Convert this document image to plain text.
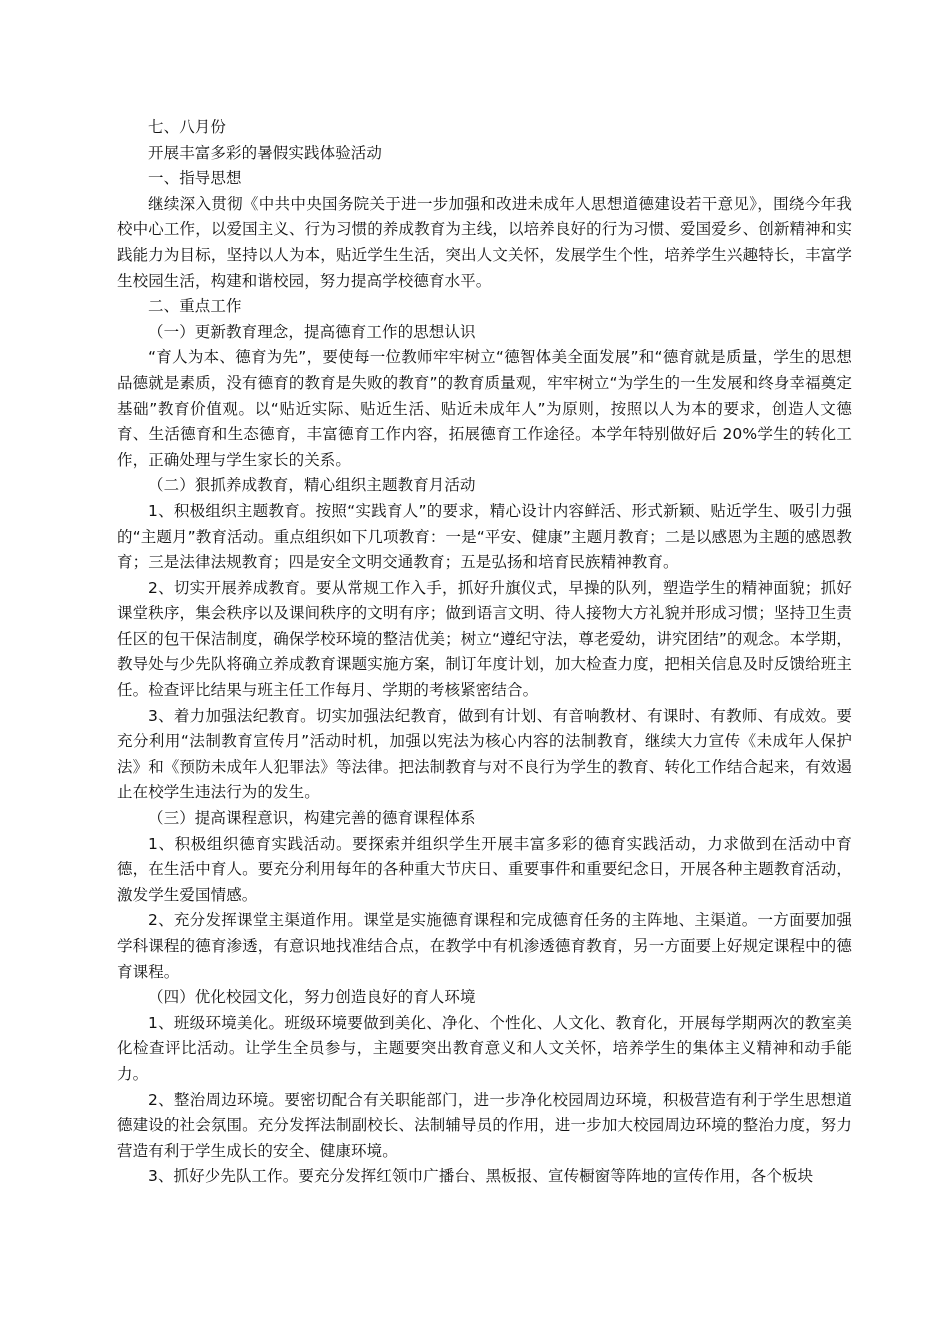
七、八月份

开展丰富多彩的暑假实践体验活动

一、指导思想

继续深入贯彻《中共中央国务院关于进一步加强和改进未成年人思想道德建设若干意见》，围绕今年我校中心工作，以爱国主义、行为习惯的养成教育为主线，以培养良好的行为习惯、爱国爱乡、创新精神和实践能力为目标，坚持以人为本，贴近学生生活，突出人文关怀，发展学生个性，培养学生兴趣特长，丰富学生校园生活，构建和谐校园，努力提高学校德育水平。

二、重点工作

（一）更新教育理念，提高德育工作的思想认识

“育人为本、德育为先”，要使每一位教师牢牢树立“德智体美全面发展”和“德育就是质量，学生的思想品德就是素质，没有德育的教育是失败的教育”的教育质量观，牢牢树立“为学生的一生发展和终身幸福奠定基础”教育价值观。以“贴近实际、贴近生活、贴近未成年人”为原则，按照以人为本的要求，创造人文德育、生活德育和生态德育，丰富德育工作内容，拓展德育工作途径。本学年特别做好后 20%学生的转化工作，正确处理与学生家长的关系。

（二）狠抓养成教育，精心组织主题教育月活动

1、积极组织主题教育。按照“实践育人”的要求，精心设计内容鲜活、形式新颖、贴近学生、吸引力强的“主题月”教育活动。重点组织如下几项教育：一是“平安、健康”主题月教育；二是以感恩为主题的感恩教育；三是法律法规教育；四是安全文明交通教育；五是弘扬和培育民族精神教育。

2、切实开展养成教育。要从常规工作入手，抓好升旗仪式，早操的队列，塑造学生的精神面貌；抓好课堂秩序，集会秩序以及课间秩序的文明有序；做到语言文明、待人接物大方礼貌并形成习惯；坚持卫生责任区的包干保洁制度，确保学校环境的整洁优美；树立“遵纪守法，尊老爱幼，讲究团结”的观念。本学期，教导处与少先队将确立养成教育课题实施方案，制订年度计划，加大检查力度，把相关信息及时反馈给班主任。检查评比结果与班主任工作每月、学期的考核紧密结合。

3、着力加强法纪教育。切实加强法纪教育，做到有计划、有音响教材、有课时、有教师、有成效。要充分利用“法制教育宣传月”活动时机，加强以宪法为核心内容的法制教育，继续大力宣传《未成年人保护法》和《预防未成年人犯罪法》等法律。把法制教育与对不良行为学生的教育、转化工作结合起来，有效遏止在校学生违法行为的发生。

（三）提高课程意识，构建完善的德育课程体系

1、积极组织德育实践活动。要探索并组织学生开展丰富多彩的德育实践活动，力求做到在活动中育德，在生活中育人。要充分利用每年的各种重大节庆日、重要事件和重要纪念日，开展各种主题教育活动，激发学生爱国情感。

2、充分发挥课堂主渠道作用。课堂是实施德育课程和完成德育任务的主阵地、主渠道。一方面要加强学科课程的德育渗透，有意识地找准结合点，在教学中有机渗透德育教育，另一方面要上好规定课程中的德育课程。

（四）优化校园文化，努力创造良好的育人环境

1、班级环境美化。班级环境要做到美化、净化、个性化、人文化、教育化，开展每学期两次的教室美化检查评比活动。让学生全员参与，主题要突出教育意义和人文关怀，培养学生的集体主义精神和动手能力。

2、整治周边环境。要密切配合有关职能部门，进一步净化校园周边环境，积极营造有利于学生思想道德建设的社会氛围。充分发挥法制副校长、法制辅导员的作用，进一步加大校园周边环境的整治力度，努力营造有利于学生成长的安全、健康环境。

3、抓好少先队工作。要充分发挥红领巾广播台、黑板报、宣传橱窗等阵地的宣传作用，各个板块
